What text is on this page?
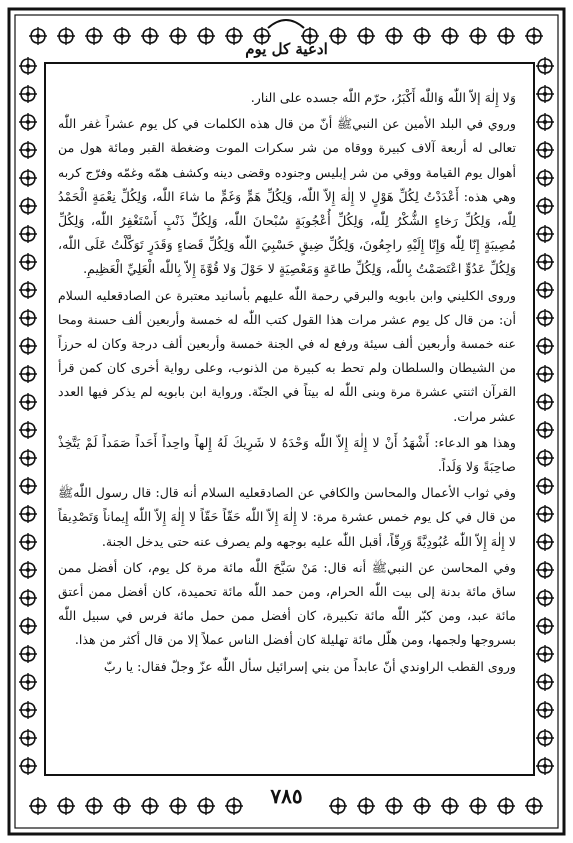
ادعية كل يوم

وَلا إِلٰهَ إلاّ اللّٰه وَاللّٰه أَكْبَرُ، حرّم اللّٰه جسده على النار.

وروي في البلد الأمين عن النبيﷺ أنّ من قال هذه الكلمات في كل يوم عشراً غفر اللّٰه تعالى له أربعة آلاف كبيرة ووقاه من شر سكرات الموت وضغطة القبر ومائة هول من أهوال يوم القيامة ووقي من شر إبليس وجنوده وقضى دينه وكشف همّه وغمّه وفرّج كربه وهي هذه: أَعْدَدْتُ لِكُلِّ هَوْلٍ لا إِلٰهَ إِلاّ اللّٰه، وَلِكُلِّ هَمٍّ وَغَمٍّ ما شاءَ اللّٰه، وَلِكُلِّ نِعْمَةٍ الْحَمْدُ لِلّٰه، وَلِكُلِّ رَخاءٍ الشُّكْرُ لِلّٰه، وَلِكُلِّ أُعْجُوبَةٍ سُبْحانَ اللّٰه، وَلِكُلِّ ذَنْبٍ أَسْتَغْفِرُ اللّٰه، وَلِكُلِّ مُصِيبَةٍ إِنّا لِلّٰه وَإِنّا إِلَيْهِ راجِعُونَ، وَلِكُلِّ ضِيقٍ حَسْبِيَ اللّٰه وَلِكُلِّ قَضاءٍ وَقَدَرٍ تَوَكَّلْتُ عَلَى اللّٰه، وَلِكُلِّ عَدُوٍّ اعْتَصَمْتُ بِاللّٰه، وَلِكُلِّ طاعَةٍ وَمَعْصِيَةٍ لا حَوْلَ وَلا قُوَّةَ إِلاّ بِاللّٰه الْعَلِيِّ الْعَظِيمِ.

وروى الكليني وابن بابويه والبرقي رحمة اللّٰه عليهم بأسانيد معتبرة عن الصادقعليه السلام أن: من قال كل يوم عشر مرات هذا القول كتب اللّٰه له خمسة وأربعين ألف حسنة ومحا عنه خمسة وأربعين ألف سيئة ورفع له في الجنة خمسة وأربعين ألف درجة وكان له حرزاً من الشيطان والسلطان ولم تحط به كبيرة من الذنوب، وعلى رواية أخرى كان كمن قرأ القرآن اثنتي عشرة مرة وبنى اللّٰه له بيتاً في الجنّة. ورواية ابن بابويه لم يذكر فيها العدد عشر مرات.

وهذا هو الدعاء: أَشْهَدُ أَنْ لا إِلٰهَ إِلاّ اللّٰه وَحْدَهُ لا شَرِيكَ لَهُ إِلهاً واحِداً أَحَداً صَمَداً لَمْ يَتَّخِذْ صاحِبَةً وَلا وَلَداً.

وفي ثواب الأعمال والمحاسن والكافي عن الصادقعليه السلام أنه قال: قال رسول اللّٰهﷺ من قال في كل يوم خمس عشرة مرة: لا إِلٰهَ إِلاّ اللّٰه حَقّاً حَقّاً لا إِلٰهَ إِلاّ اللّٰه إِيماناً وَتَصْدِيقاً لا إِلٰهَ إِلاّ اللّٰه عُبُودِيَّةً وَرِقّاً، أقبل اللّٰه عليه بوجهه ولم يصرف عنه حتى يدخل الجنة.

وفي المحاسن عن النبيﷺ أنه قال: مَنْ سَبَّحَ اللّٰه مائة مرة كل يوم، كان أفضل ممن ساق مائة بدنة إلى بيت اللّٰه الحرام، ومن حمد اللّٰه مائة تحميدة، كان أفضل ممن أعتق مائة عبد، ومن كبّر اللّٰه مائة تكبيرة، كان أفضل ممن حمل مائة فرس في سبيل اللّٰه بسروجها ولجمها، ومن هلّل مائة تهليلة كان أفضل الناس عملاً إلا من قال أكثر من هذا.

وروى القطب الراوندي أنّ عابداً من بني إسرائيل سأل اللّٰه عزّ وجلّ فقال: يا ربّ

٧٨٥
